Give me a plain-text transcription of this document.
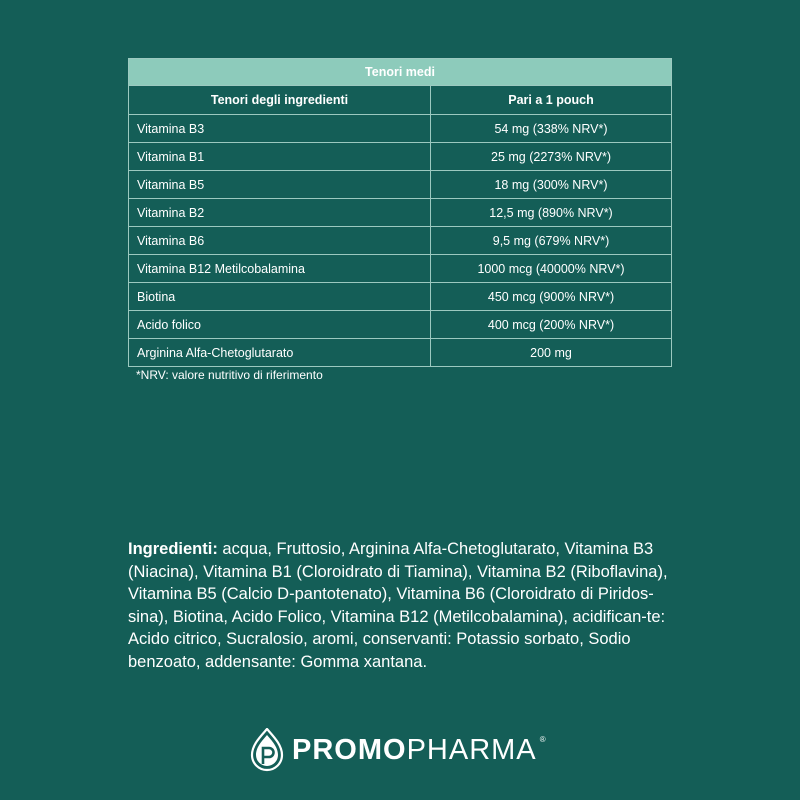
Tenori medi	
Tenori degli ingredienti	Pari a 1 pouch
Vitamina B3	54 mg (338% NRV*)
Vitamina B1	25 mg (2273% NRV*)
Vitamina B5	18 mg (300% NRV*)
Vitamina B2	12,5 mg (890% NRV*)
Vitamina B6	9,5 mg (679% NRV*)
Vitamina B12 Metilcobalamina	1000 mcg (40000% NRV*)
Biotina	450 mcg (900% NRV*)
Acido folico	400 mcg (200% NRV*)
Arginina Alfa-Chetoglutarato	200 mg
*NRV: valore nutritivo di riferimento

Ingredienti: acqua, Fruttosio, Arginina Alfa-Chetoglutarato, Vitamina B3 (Niacina), Vitamina B1 (Cloroidrato di Tiamina), Vitamina B2 (Riboflavina), Vitamina B5 (Calcio D-pantotenato), Vitamina B6 (Cloroidrato di Piridos-sina), Biotina, Acido Folico, Vitamina B12 (Metilcobalamina), acidifican-te: Acido citrico, Sucralosio, aromi, conservanti: Potassio sorbato, Sodio benzoato, addensante: Gomma xantana.

PROMOPHARMA ®
